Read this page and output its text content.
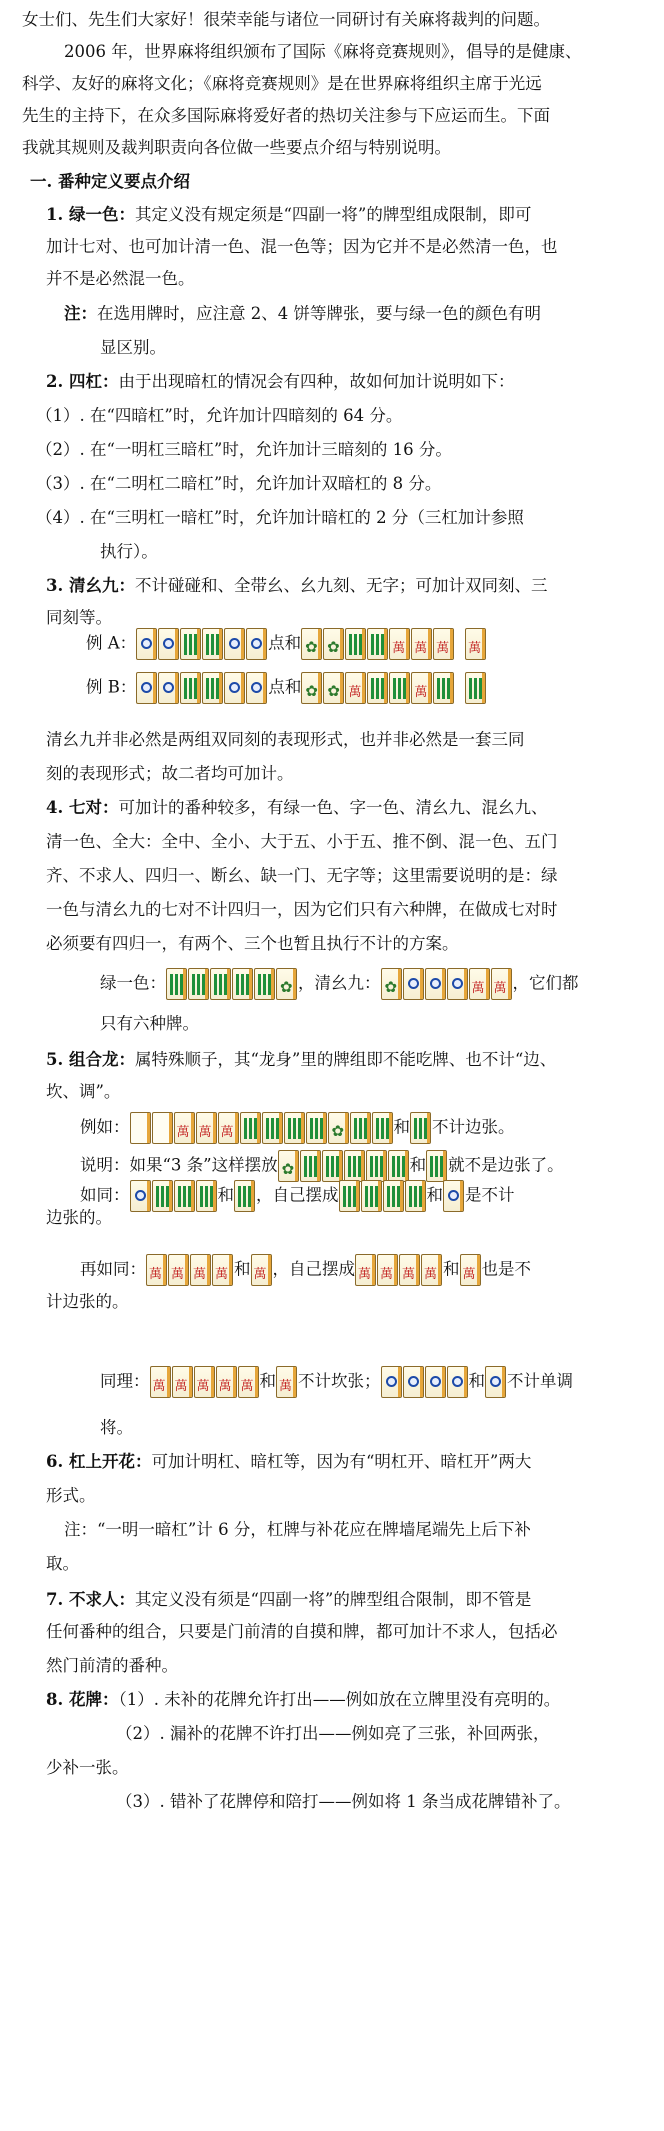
女士们、先生们大家好！很荣幸能与诸位一同研讨有关麻将裁判的问题。
2006 年，世界麻将组织颁布了国际《麻将竞赛规则》，倡导的是健康、
科学、友好的麻将文化；《麻将竞赛规则》是在世界麻将组织主席于光远
先生的主持下，在众多国际麻将爱好者的热切关注参与下应运而生。下面
我就其规则及裁判职责向各位做一些要点介绍与特别说明。
一. 番种定义要点介绍
1. 绿一色：其定义没有规定须是“四副一将”的牌型组成限制，即可
加计七对、也可加计清一色、混一色等；因为它并不是必然清一色，也
并不是必然混一色。
注：在选用牌时，应注意 2、4 饼等牌张，要与绿一色的颜色有明
显区别。
2. 四杠：由于出现暗杠的情况会有四种，故如何加计说明如下：
（1）. 在“四暗杠”时，允许加计四暗刻的 64 分。
（2）. 在“一明杠三暗杠”时，允许加计三暗刻的 16 分。
（3）. 在“二明杠二暗杠”时，允许加计双暗杠的 8 分。
（4）. 在“三明杠一暗杠”时，允许加计暗杠的 2 分（三杠加计参照
执行）。
3. 清幺九：不计碰碰和、全带幺、幺九刻、无字；可加计双同刻、三
同刻等。
清幺九并非必然是两组双同刻的表现形式，也并非必然是一套三同
刻的表现形式；故二者均可加计。
4. 七对：可加计的番种较多，有绿一色、字一色、清幺九、混幺九、
清一色、全大：全中、全小、大于五、小于五、推不倒、混一色、五门
齐、不求人、四归一、断幺、缺一门、无字等；这里需要说明的是：绿
一色与清幺九的七对不计四归一，因为它们只有六种牌，在做成七对时
必须要有四归一，有两个、三个也暂且执行不计的方案。
只有六种牌。
5. 组合龙：属特殊顺子，其“龙身”里的牌组即不能吃牌、也不计“边、
坎、调”。
边张的。
计边张的。
将。
6. 杠上开花：可加计明杠、暗杠等，因为有“明杠开、暗杠开”两大
形式。
注：“一明一暗杠”计 6 分，杠牌与补花应在牌墙尾端先上后下补
取。
7. 不求人：其定义没有须是“四副一将”的牌型组合限制，即不管是
任何番种的组合，只要是门前清的自摸和牌，都可加计不求人，包括必
然门前清的番种。
8. 花牌：（1）. 未补的花牌允许打出——例如放在立牌里没有亮明的。
（2）. 漏补的花牌不许打出——例如亮了三张，补回两张，
少补一张。
（3）. 错补了花牌停和陪打——例如将 1 条当成花牌错补了。
例 A：	点和✿✿萬萬萬萬
例 B：	点和✿✿萬萬
绿一色： ✿	，清幺九： ✿ 萬 萬	，它们都
例如： 萬 萬 萬 ✿	和 不计边张。
说明：如果“3 条”这样摆放 ✿	和 就不是边张了。
如同：	和 ，自己摆成	和 是不计
再如同： 萬 萬 萬 萬	和 萬 ，自己摆成 萬 萬 萬 萬	和 萬 也是不
同理： 萬 萬 萬 萬 萬	和 萬 不计坎张；	和 不计单调
